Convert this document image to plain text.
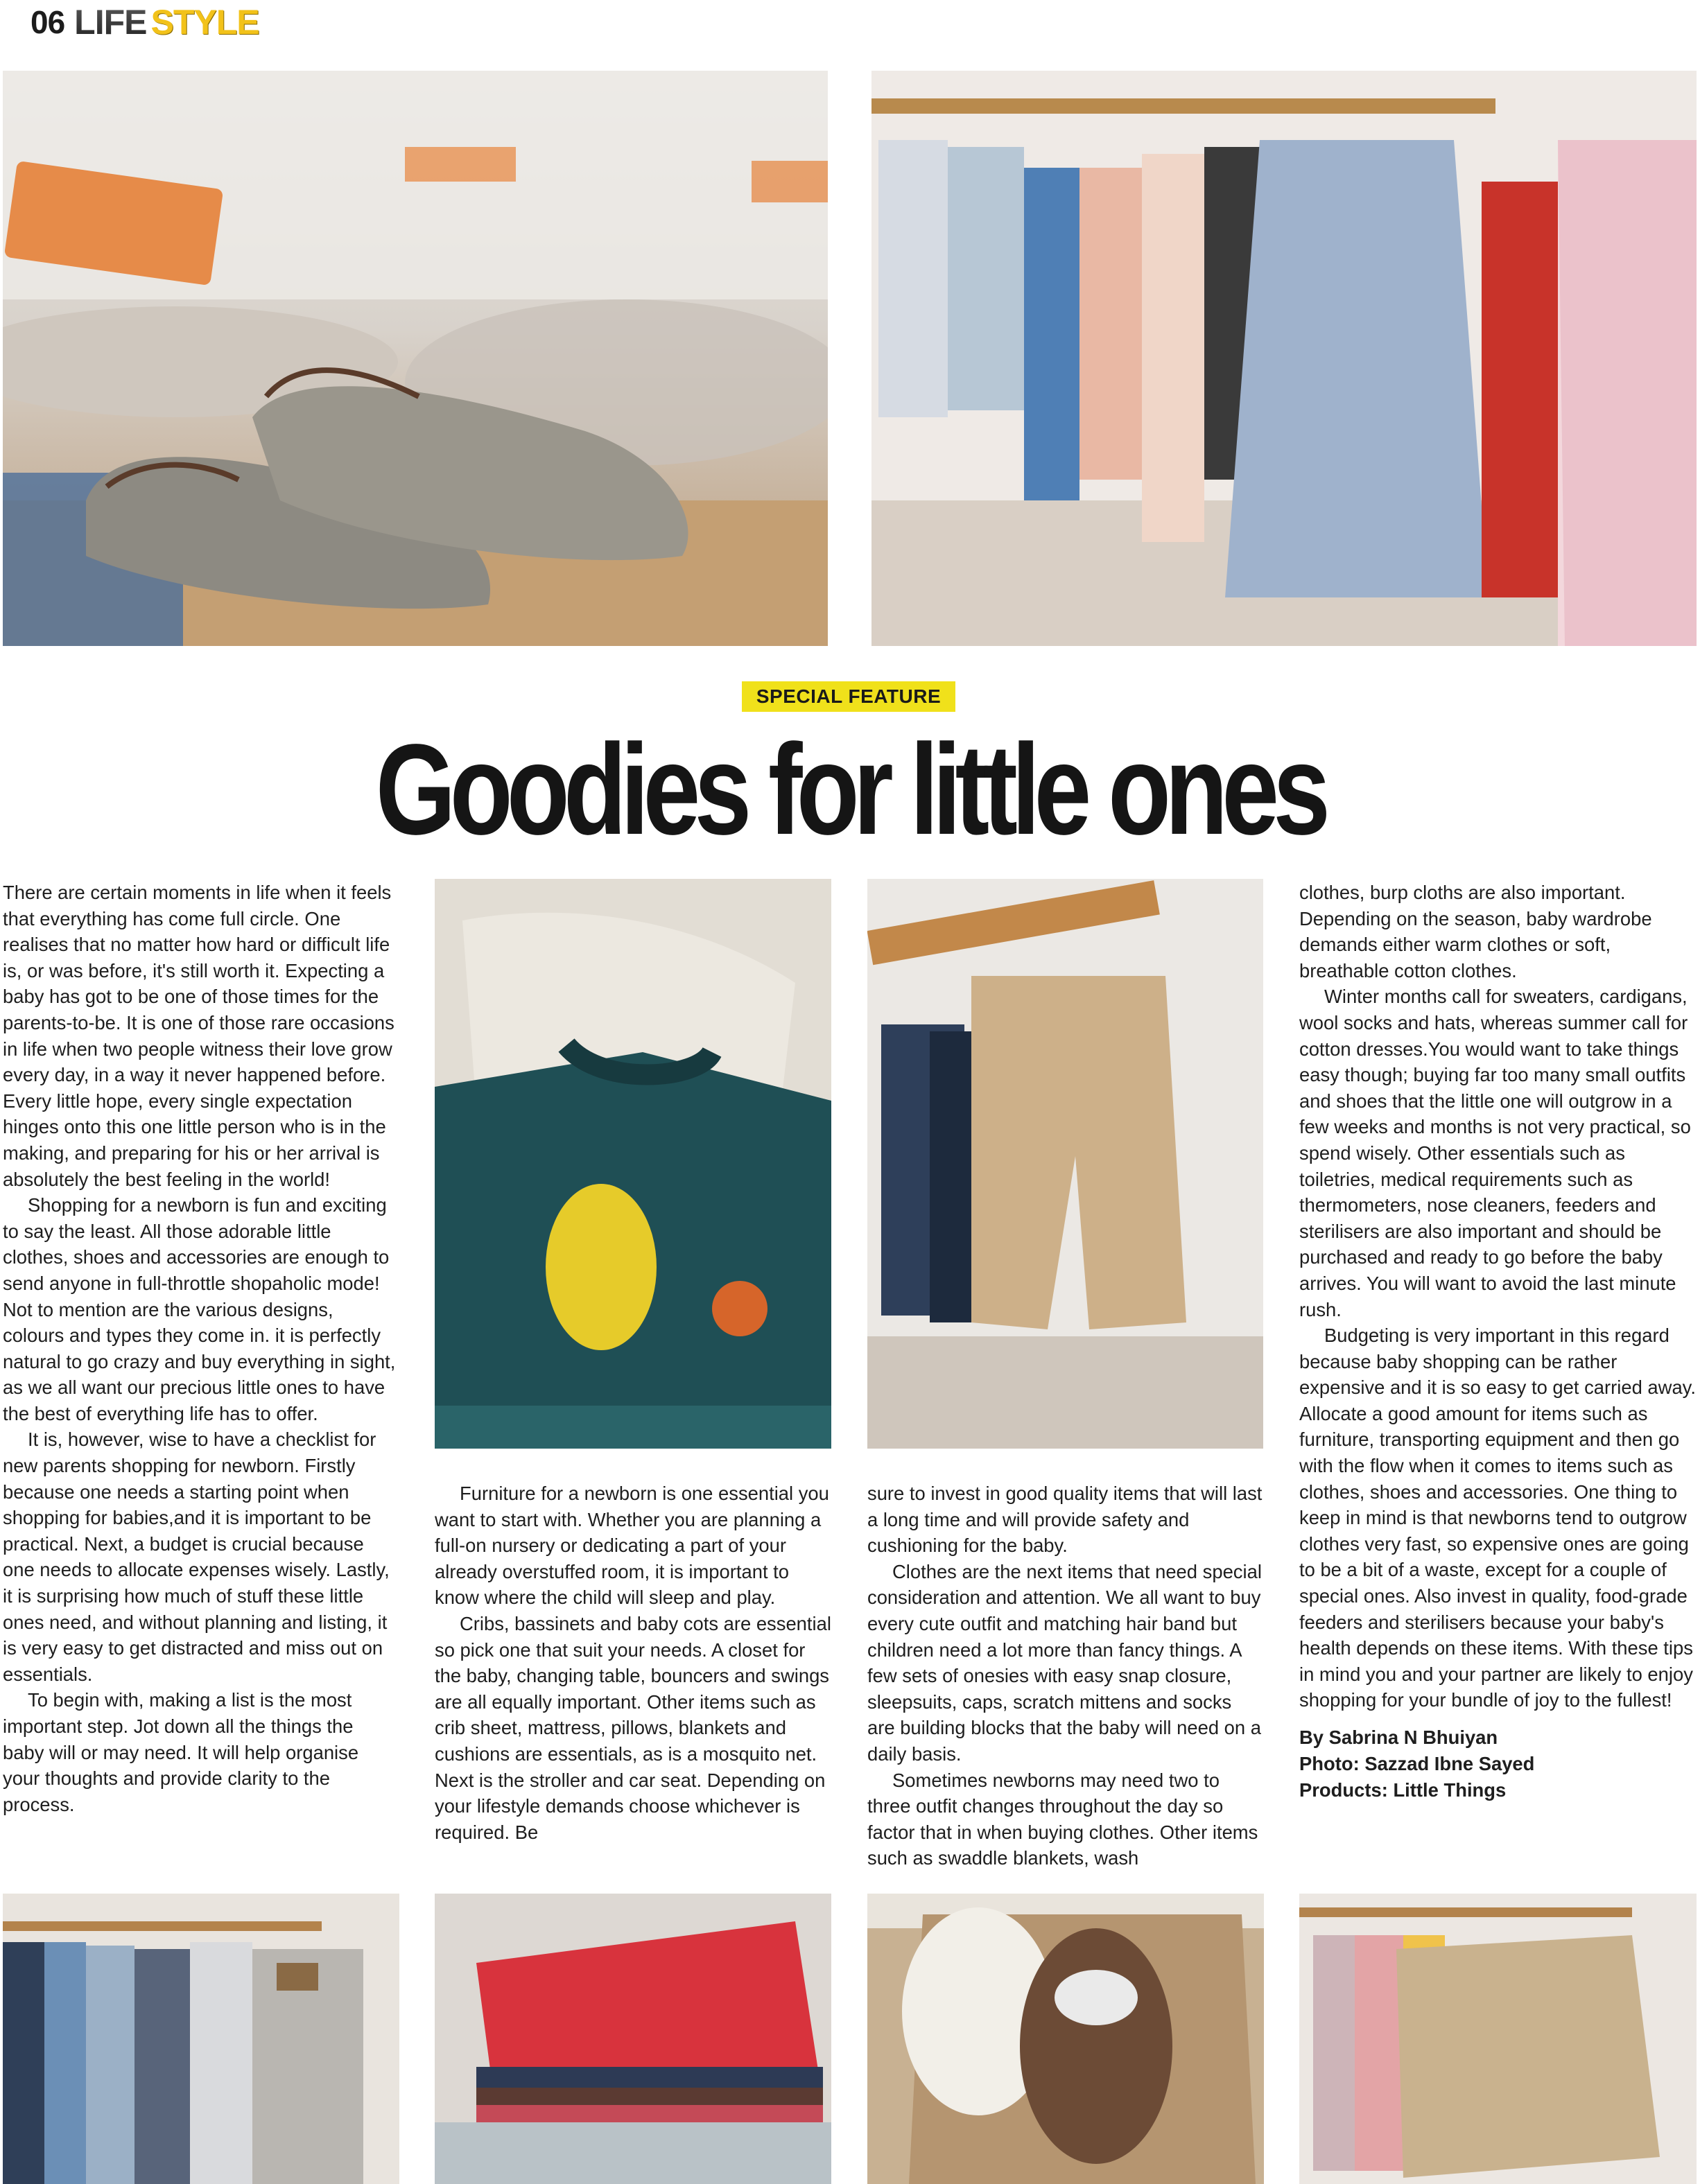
06 LIFE STYLE
SPECIAL FEATURE
Goodies for little ones

There are certain moments in life when it feels that everything has come full circle. One realises that no matter how hard or difficult life is, or was before, it's still worth it. Expecting a baby has got to be one of those times for the parents-to-be. It is one of those rare occasions in life when two people witness their love grow every day, in a way it never happened before. Every little hope, every single expectation hinges onto this one little person who is in the making, and preparing for his or her arrival is absolutely the best feeling in the world!

Shopping for a newborn is fun and exciting to say the least. All those adorable little clothes, shoes and accessories are enough to send anyone in full-throttle shopaholic mode! Not to mention are the various designs, colours and types they come in. it is perfectly natural to go crazy and buy everything in sight, as we all want our precious little ones to have the best of everything life has to offer.

It is, however, wise to have a checklist for new parents shopping for newborn. Firstly because one needs a starting point when shopping for babies,and it is important to be practical. Next, a budget is crucial because one needs to allocate expenses wisely. Lastly, it is surprising how much of stuff these little ones need, and without planning and listing, it is very easy to get distracted and miss out on essentials.

To begin with, making a list is the most important step. Jot down all the things the baby will or may need. It will help organise your thoughts and provide clarity to the process.

Furniture for a newborn is one essential you want to start with. Whether you are planning a full-on nursery or dedicating a part of your already overstuffed room, it is important to know where the child will sleep and play.

Cribs, bassinets and baby cots are essential so pick one that suit your needs. A closet for the baby, changing table, bouncers and swings are all equally important. Other items such as crib sheet, mattress, pillows, blankets and cushions are essentials, as is a mosquito net. Next is the stroller and car seat. Depending on your lifestyle demands choose whichever is required. Be

sure to invest in good quality items that will last a long time and will provide safety and cushioning for the baby.

Clothes are the next items that need special consideration and attention. We all want to buy every cute outfit and matching hair band but children need a lot more than fancy things. A few sets of onesies with easy snap closure, sleepsuits, caps, scratch mittens and socks are building blocks that the baby will need on a daily basis.

Sometimes newborns may need two to three outfit changes throughout the day so factor that in when buying clothes. Other items such as swaddle blankets, wash

clothes, burp cloths are also important. Depending on the season, baby wardrobe demands either warm clothes or soft, breathable cotton clothes.

Winter months call for sweaters, cardigans, wool socks and hats, whereas summer call for cotton dresses.You would want to take things easy though; buying far too many small outfits and shoes that the little one will outgrow in a few weeks and months is not very practical, so spend wisely. Other essentials such as toiletries, medical requirements such as thermometers, nose cleaners, feeders and sterilisers are also important and should be purchased and ready to go before the baby arrives. You will want to avoid the last minute rush.

Budgeting is very important in this regard because baby shopping can be rather expensive and it is so easy to get carried away. Allocate a good amount for items such as furniture, transporting equipment and then go with the flow when it comes to items such as clothes, shoes and accessories. One thing to keep in mind is that newborns tend to outgrow clothes very fast, so expensive ones are going to be a bit of a waste, except for a couple of special ones. Also invest in quality, food-grade feeders and sterilisers because your baby's health depends on these items. With these tips in mind you and your partner are likely to enjoy shopping for your bundle of joy to the fullest!

By Sabrina N Bhuiyan
Photo: Sazzad Ibne Sayed
Products: Little Things
